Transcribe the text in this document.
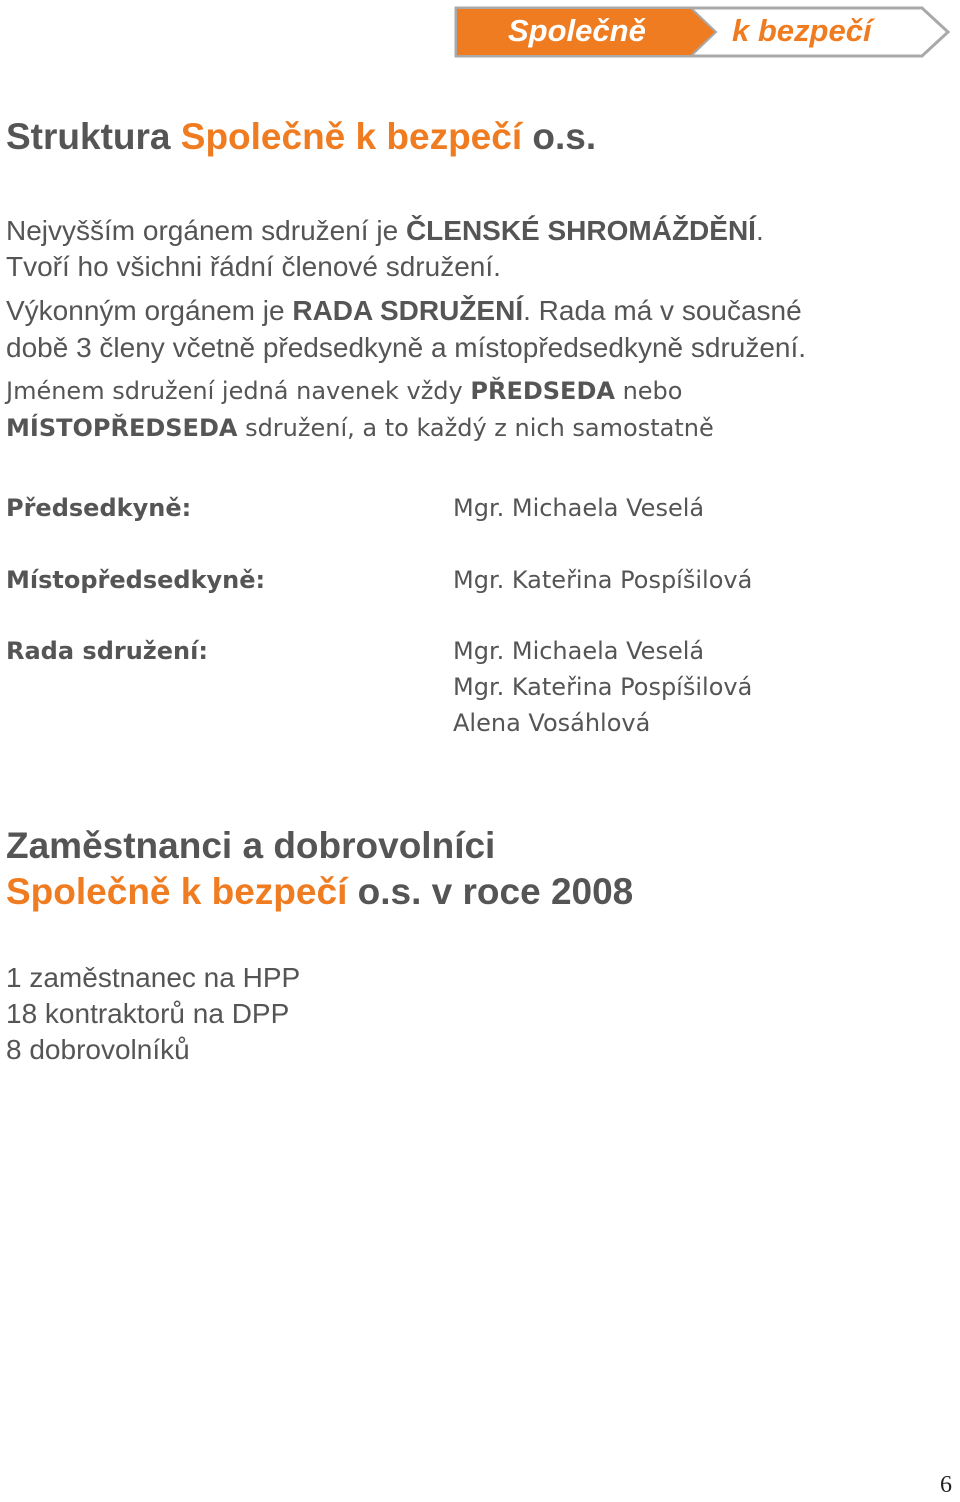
Společně	k bezpečí
Struktura Společně k bezpečí o.s.
Nejvyšším orgánem sdružení je ČLENSKÉ SHROMÁŽDĚNÍ.
Tvoří ho všichni řádní členové sdružení.
Výkonným orgánem je RADA SDRUŽENÍ. Rada má v současné
době 3 členy včetně předsedkyně a místopředsedkyně sdružení.
Jménem sdružení jedná navenek vždy PŘEDSEDA nebo
MÍSTOPŘEDSEDA sdružení, a to každý z nich samostatně
Předsedkyně:	Mgr. Michaela Veselá
Místopředsedkyně:	Mgr. Kateřina Pospíšilová
Rada sdružení:	Mgr. Michaela Veselá
Mgr. Kateřina Pospíšilová
Alena Vosáhlová
Zaměstnanci a dobrovolníci
Společně k bezpečí o.s. v roce 2008
1 zaměstnanec na HPP
18 kontraktorů na DPP
8 dobrovolníků
6
